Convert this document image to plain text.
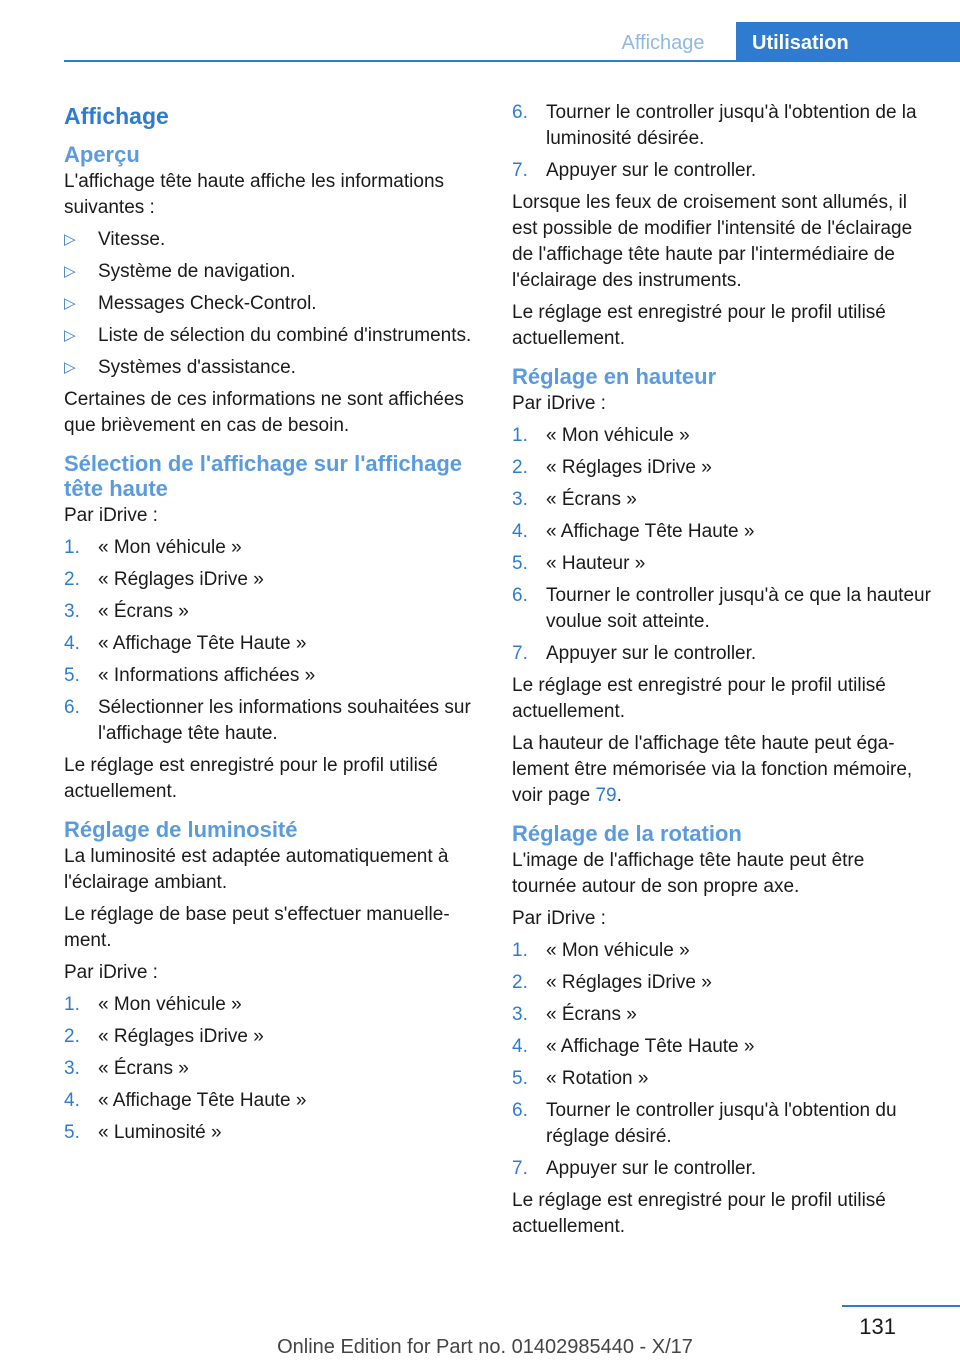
Affichage	Utilisation
Affichage
Aperçu

L'affichage tête haute affiche les informations suivantes :

▷ Vitesse.
▷ Système de navigation.
▷ Messages Check-Control.
▷ Liste de sélection du combiné d'instruments.
▷ Systèmes d'assistance.

Certaines de ces informations ne sont affichées que brièvement en cas de besoin.

Sélection de l'affichage sur l'affichage tête haute

Par iDrive :

1. « Mon véhicule »
2. « Réglages iDrive »
3. « Écrans »
4. « Affichage Tête Haute »
5. « Informations affichées »
6. Sélectionner les informations souhaitées sur l'affichage tête haute.

Le réglage est enregistré pour le profil utilisé actuellement.

Réglage de luminosité

La luminosité est adaptée automatiquement à l'éclairage ambiant.

Le réglage de base peut s'effectuer manuellement.

Par iDrive :

1. « Mon véhicule »
2. « Réglages iDrive »
3. « Écrans »
4. « Affichage Tête Haute »
5. « Luminosité »
6. Tourner le controller jusqu'à l'obtention de la luminosité désirée.
7. Appuyer sur le controller.

Lorsque les feux de croisement sont allumés, il est possible de modifier l'intensité de l'éclairage de l'affichage tête haute par l'intermédiaire de l'éclairage des instruments.

Le réglage est enregistré pour le profil utilisé actuellement.

Réglage en hauteur

Par iDrive :

1. « Mon véhicule »
2. « Réglages iDrive »
3. « Écrans »
4. « Affichage Tête Haute »
5. « Hauteur »
6. Tourner le controller jusqu'à ce que la hauteur voulue soit atteinte.
7. Appuyer sur le controller.

Le réglage est enregistré pour le profil utilisé actuellement.

La hauteur de l'affichage tête haute peut également être mémorisée via la fonction mémoire, voir page 79.

Réglage de la rotation

L'image de l'affichage tête haute peut être tournée autour de son propre axe.

Par iDrive :

1. « Mon véhicule »
2. « Réglages iDrive »
3. « Écrans »
4. « Affichage Tête Haute »
5. « Rotation »
6. Tourner le controller jusqu'à l'obtention du réglage désiré.
7. Appuyer sur le controller.

Le réglage est enregistré pour le profil utilisé actuellement.

131
Online Edition for Part no. 01402985440 - X/17
